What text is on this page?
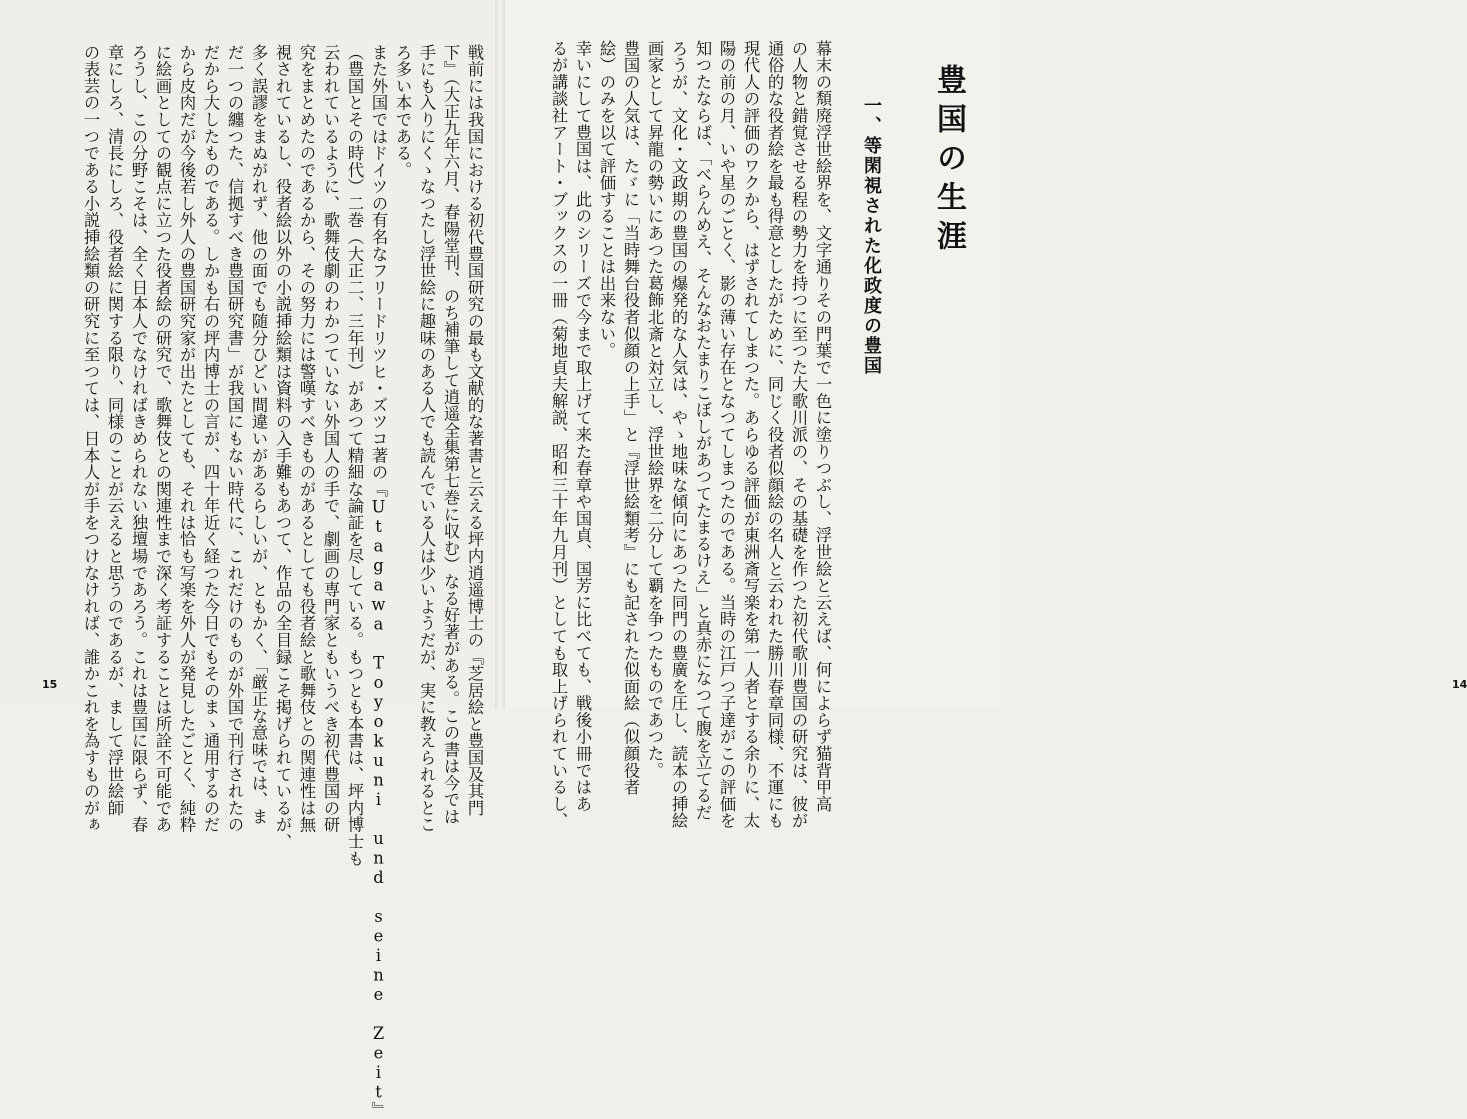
戦前には我国における初代豊国研究の最も文献的な著書と云える坪内逍遥博士の『芝居絵と豊国及其門
下』（大正九年六月、春陽堂刊、のち補筆して逍遥全集第七巻に収む）なる好著がある。この書は今では
手にも入りにくゝなつたし浮世絵に趣味のある人でも読んでいる人は少いようだが、実に教えられるとこ
ろ多い本である。
また外国ではドイツの有名なフリードリツヒ・ズツコ著の『Utagawa Toyokuni und seine Zeit』
（豊国とその時代）二巻（大正二、三年刊）があつて精細な論証を尽している。もつとも本書は、坪内博士も
云われているように、歌舞伎劇のわかつていない外国人の手で、劇画の専門家ともいうべき初代豊国の研
究をまとめたのであるから、その努力には警嘆すべきものがあるとしても役者絵と歌舞伎との関連性は無
視されているし、役者絵以外の小説挿絵類は資料の入手難もあつて、作品の全目録こそ掲げられているが、
多く誤謬をまぬがれず、他の面でも随分ひどい間違いがあるらしいが、ともかく、「厳正な意味では、ま
だ一つの纏つた、信拠すべき豊国研究書」が我国にもない時代に、これだけのものが外国で刊行されたの
だから大したものである。しかも右の坪内博士の言が、四十年近く経つた今日でもそのまゝ通用するのだ
から皮肉だが今後若し外人の豊国研究家が出たとしても、それは恰も写楽を外人が発見したごとく、純粋
に絵画としての観点に立つた役者絵の研究で、歌舞伎との関連性まで深く考証することは所詮不可能であ
ろうし、この分野こそは、全く日本人でなければきめられない独壇場であろう。これは豊国に限らず、春
章にしろ、清長にしろ、役者絵に関する限り、同様のことが云えると思うのであるが、まして浮世絵師
の表芸の一つである小説挿絵類の研究に至つては、日本人が手をつけなければ、誰かこれを為すものがぁ
15	幕末の頽廃浮世絵界を、文字通りその門葉で一色に塗りつぶし、浮世絵と云えば、何によらず猫背甲高
の人物と錯覚させる程の勢力を持つに至つた大歌川派の、その基礎を作つた初代歌川豊国の研究は、彼が
通俗的な役者絵を最も得意としたがために、同じく役者似顔絵の名人と云われた勝川春章同様、不運にも
現代人の評価のワクから、はずされてしまつた。あらゆる評価が東洲斎写楽を第一人者とする余りに、太
陽の前の月、いや星のごとく、影の薄い存在となつてしまつたのである。当時の江戸つ子達がこの評価を
知つたならば、「べらんめえ、そんなおたまりこぼしがあつてたまるけえ」と真赤になつて腹を立てるだ
ろうが、文化・文政期の豊国の爆発的な人気は、やゝ地味な傾向にあつた同門の豊廣を圧し、読本の挿絵
画家として昇龍の勢いにあつた葛飾北斎と対立し、浮世絵界を二分して覇を争つたものであつた。
豊国の人気は、たゞに「当時舞台役者似顔の上手」と『浮世絵類考』にも記された似面絵（似顔役者
絵）のみを以て評価することは出来ない。
幸いにして豊国は、此のシリーズで今まで取上げて来た春章や国貞、国芳に比べても、戦後小冊ではあ
るが講談社アート・ブックスの一冊（菊地貞夫解説、昭和三十年九月刊）としても取上げられているし、	14
豊国の生涯
一、等閑視された化政度の豊国
